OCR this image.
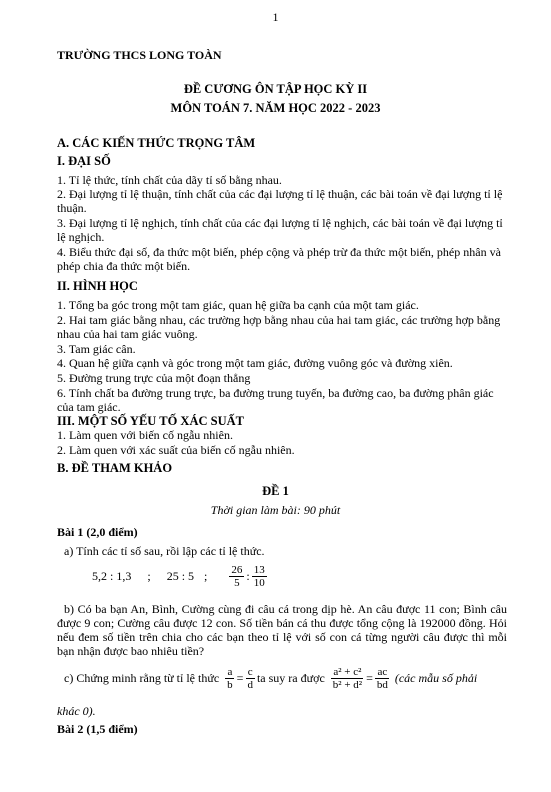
1
TRƯỜNG THCS LONG TOÀN
ĐỀ CƯƠNG ÔN TẬP HỌC KỲ II
MÔN TOÁN 7. NĂM HỌC 2022 - 2023
A. CÁC KIẾN THỨC TRỌNG TÂM
I. ĐẠI SỐ
1. Tỉ lệ thức, tính chất của dãy tỉ số bằng nhau.
2. Đại lượng tỉ lệ thuận, tính chất của các đại lượng tỉ lệ thuận, các bài toán về đại lượng tỉ lệ thuận.
3. Đại lượng tỉ lệ nghịch, tính chất của các đại lượng tỉ lệ nghịch, các bài toán về đại lượng tỉ lệ nghịch.
4. Biểu thức đại số, đa thức một biến, phép cộng và phép trừ đa thức một biến, phép nhân và phép chia đa thức một biến.
II. HÌNH HỌC
1. Tổng ba góc trong một tam giác, quan hệ giữa ba cạnh của một tam giác.
2. Hai tam giác bằng nhau, các trường hợp bằng nhau của hai tam giác, các trường hợp bằng nhau của hai tam giác vuông.
3. Tam giác cân.
4. Quan hệ giữa cạnh và góc trong một tam giác, đường vuông góc và đường xiên.
5. Đường trung trực của một đoạn thẳng
6. Tính chất ba đường trung trực, ba đường trung tuyến, ba đường cao, ba đường phân giác của tam giác.
III. MỘT SỐ YẾU TỐ XÁC SUẤT
1. Làm quen với biến cố ngẫu nhiên.
2. Làm quen với xác suất của biến cố ngẫu nhiên.
B. ĐỀ THAM KHẢO
ĐỀ 1
Thời gian làm bài: 90 phút
Bài 1 (2,0 điểm)
a) Tính các tỉ số sau, rồi lập các tỉ lệ thức.
5,2 : 1,3 ; 25 : 5 ; $\frac{26}{5}$ : $\frac{13}{10}$
b) Có ba bạn An, Bình, Cường cùng đi câu cá trong dịp hè. An câu được 11 con; Bình câu được 9 con; Cường câu được 12 con. Số tiền bán cá thu được tổng cộng là 192000 đồng. Hỏi nếu đem số tiền trên chia cho các bạn theo tỉ lệ với số con cá từng người câu được thì mỗi bạn nhận được bao nhiêu tiền?
c) Chứng minh rằng từ tỉ lệ thức $\frac{a}{b} = \frac{c}{d}$ ta suy ra được $\frac{\text{a² + c²}}{\text{b² + d²}} = \frac{ac}{bd}$ (các mẫu số phải
khác 0).
Bài 2 (1,5 điểm)
